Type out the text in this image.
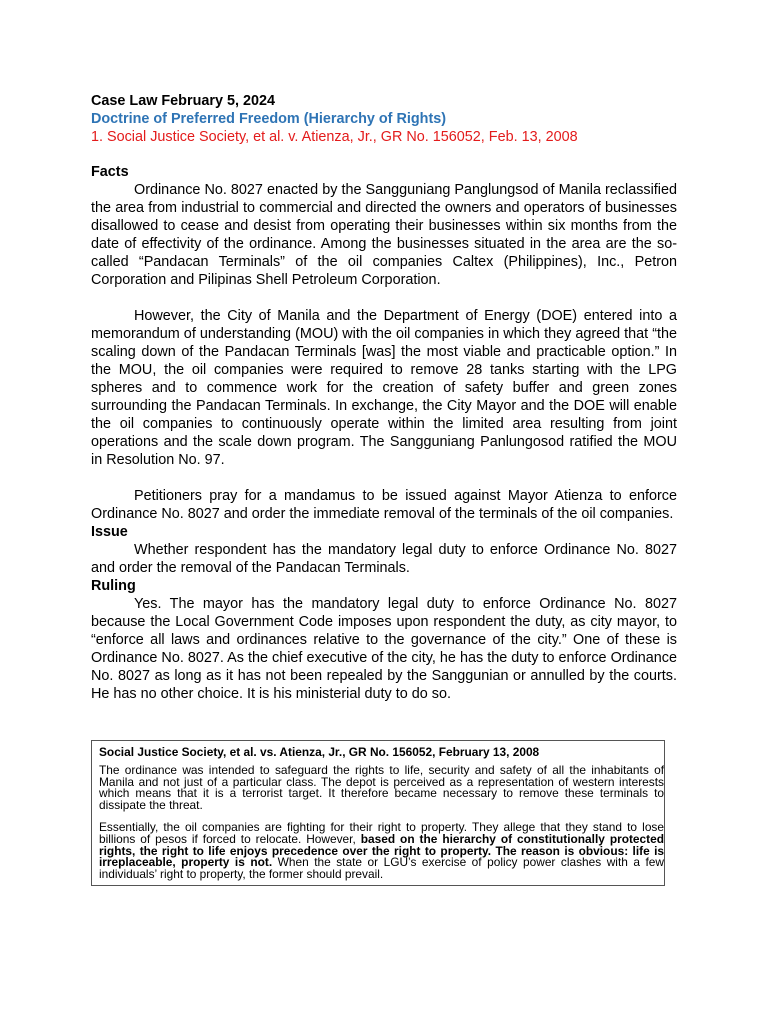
Case Law February 5, 2024
Doctrine of Preferred Freedom (Hierarchy of Rights)
1. Social Justice Society, et al. v. Atienza, Jr., GR No. 156052, Feb. 13, 2008
Facts

Ordinance No. 8027 enacted by the Sangguniang Panglungsod of Manila reclassified the area from industrial to commercial and directed the owners and operators of businesses disallowed to cease and desist from operating their businesses within six months from the date of effectivity of the ordinance. Among the businesses situated in the area are the so-called “Pandacan Terminals” of the oil companies Caltex (Philippines), Inc., Petron Corporation and Pilipinas Shell Petroleum Corporation.

However, the City of Manila and the Department of Energy (DOE) entered into a memorandum of understanding (MOU) with the oil companies in which they agreed that “the scaling down of the Pandacan Terminals [was] the most viable and practicable option.” In the MOU, the oil companies were required to remove 28 tanks starting with the LPG spheres and to commence work for the creation of safety buffer and green zones surrounding the Pandacan Terminals. In exchange, the City Mayor and the DOE will enable the oil companies to continuously operate within the limited area resulting from joint operations and the scale down program. The Sangguniang Panlungosod ratified the MOU in Resolution No. 97.

Petitioners pray for a mandamus to be issued against Mayor Atienza to enforce Ordinance No. 8027 and order the immediate removal of the terminals of the oil companies.

Issue

Whether respondent has the mandatory legal duty to enforce Ordinance No. 8027 and order the removal of the Pandacan Terminals.

Ruling

Yes. The mayor has the mandatory legal duty to enforce Ordinance No. 8027 because the Local Government Code imposes upon respondent the duty, as city mayor, to “enforce all laws and ordinances relative to the governance of the city.” One of these is Ordinance No. 8027. As the chief executive of the city, he has the duty to enforce Ordinance No. 8027 as long as it has not been repealed by the Sanggunian or annulled by the courts. He has no other choice. It is his ministerial duty to do so.

Social Justice Society, et al. vs. Atienza, Jr., GR No. 156052, February 13, 2008

The ordinance was intended to safeguard the rights to life, security and safety of all the inhabitants of Manila and not just of a particular class. The depot is perceived as a representation of western interests which means that it is a terrorist target. It therefore became necessary to remove these terminals to dissipate the threat.

Essentially, the oil companies are fighting for their right to property. They allege that they stand to lose billions of pesos if forced to relocate. However, based on the hierarchy of constitutionally protected rights, the right to life enjoys precedence over the right to property. The reason is obvious: life is irreplaceable, property is not. When the state or LGU’s exercise of policy power clashes with a few individuals’ right to property, the former should prevail.
